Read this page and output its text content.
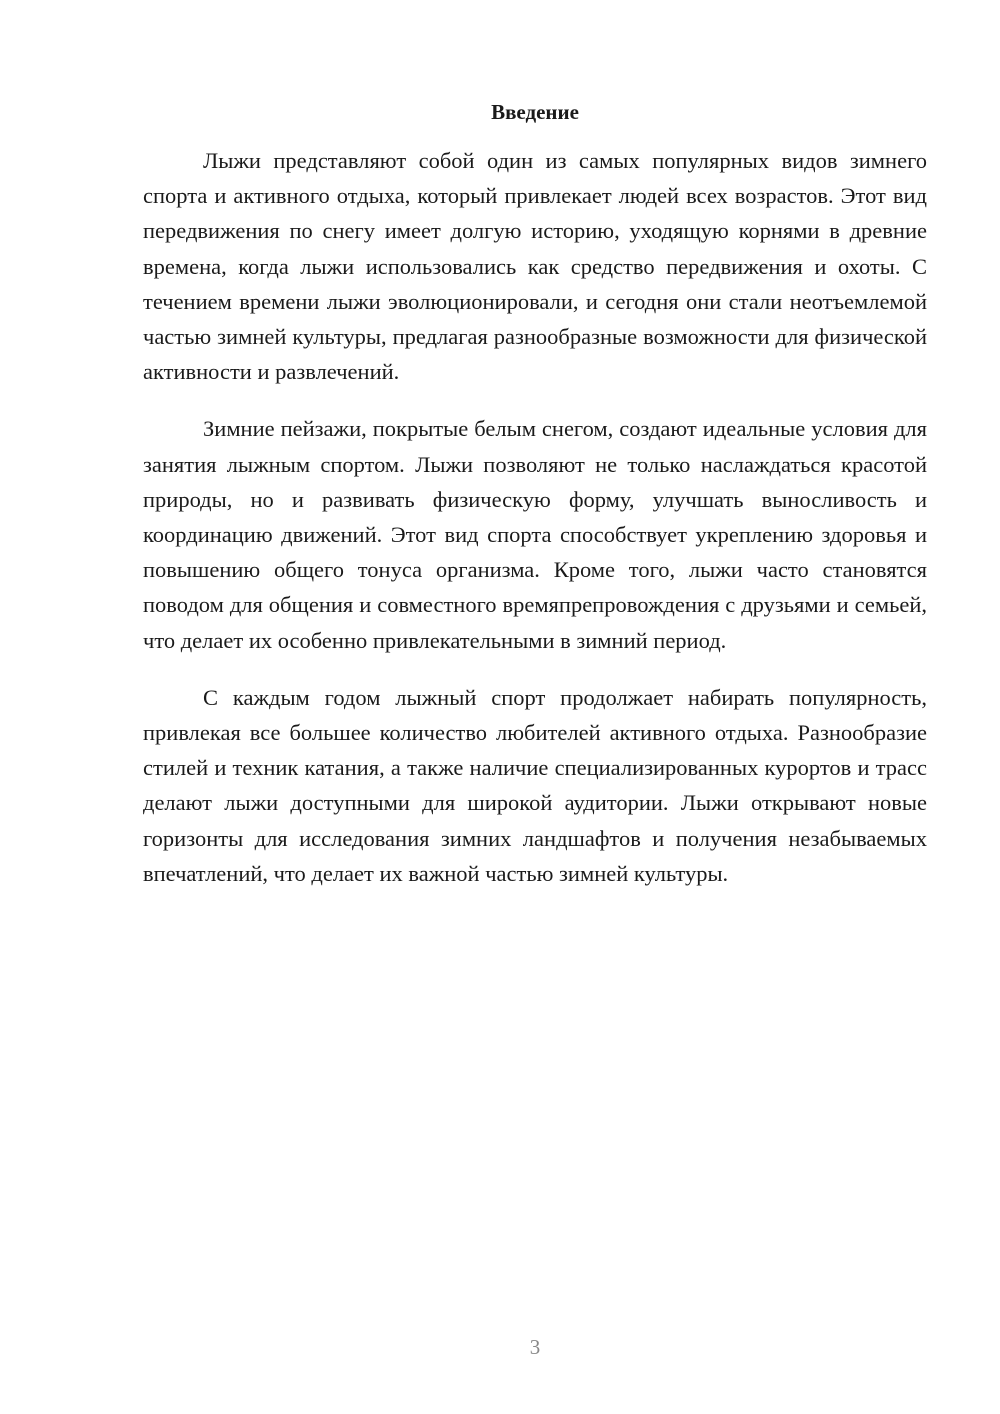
Введение

Лыжи представляют собой один из самых популярных видов зимнего спорта и активного отдыха, который привлекает людей всех возрастов. Этот вид передвижения по снегу имеет долгую историю, уходящую корнями в древние времена, когда лыжи использовались как средство передвижения и охоты. С течением времени лыжи эволюционировали, и сегодня они стали неотъемлемой частью зимней культуры, предлагая разнообразные возможности для физической активности и развлечений.

Зимние пейзажи, покрытые белым снегом, создают идеальные условия для занятия лыжным спортом. Лыжи позволяют не только наслаждаться красотой природы, но и развивать физическую форму, улучшать выносливость и координацию движений. Этот вид спорта способствует укреплению здоровья и повышению общего тонуса организма. Кроме того, лыжи часто становятся поводом для общения и совместного времяпрепровождения с друзьями и семьей, что делает их особенно привлекательными в зимний период.

С каждым годом лыжный спорт продолжает набирать популярность, привлекая все большее количество любителей активного отдыха. Разнообразие стилей и техник катания, а также наличие специализированных курортов и трасс делают лыжи доступными для широкой аудитории. Лыжи открывают новые горизонты для исследования зимних ландшафтов и получения незабываемых впечатлений, что делает их важной частью зимней культуры.

3
